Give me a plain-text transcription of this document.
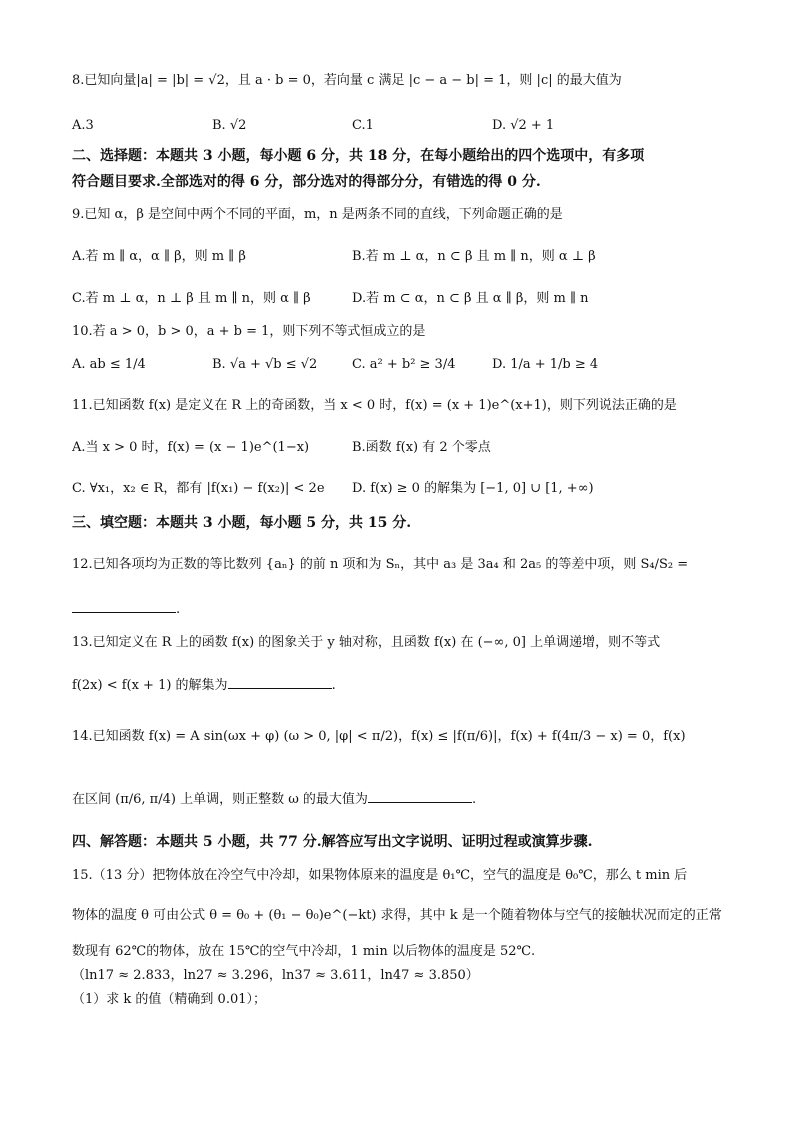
8.已知向量|a| = |b| = √2，且 a · b = 0，若向量 c 满足 |c − a − b| = 1，则 |c| 的最大值为
A.3	B. √2	C.1	D. √2 + 1
二、选择题：本题共 3 小题，每小题 6 分，共 18 分，在每小题给出的四个选项中，有多项
符合题目要求.全部选对的得 6 分，部分选对的得部分分，有错选的得 0 分.
9.已知 α，β 是空间中两个不同的平面，m，n 是两条不同的直线，下列命题正确的是
A.若 m ∥ α，α ∥ β，则 m ∥ β	B.若 m ⊥ α，n ⊂ β 且 m ∥ n，则 α ⊥ β
C.若 m ⊥ α，n ⊥ β 且 m ∥ n，则 α ∥ β	D.若 m ⊂ α，n ⊂ β 且 α ∥ β，则 m ∥ n
10.若 a > 0，b > 0，a + b = 1，则下列不等式恒成立的是
A. ab ≤ 1/4	B. √a + √b ≤ √2	C. a² + b² ≥ 3/4	D. 1/a + 1/b ≥ 4
11.已知函数 f(x) 是定义在 R 上的奇函数，当 x < 0 时，f(x) = (x + 1)e^(x+1)，则下列说法正确的是
A.当 x > 0 时，f(x) = (x − 1)e^(1−x)	B.函数 f(x) 有 2 个零点
C. ∀x₁，x₂ ∈ R，都有 |f(x₁) − f(x₂)| < 2e D. f(x) ≥ 0 的解集为 [−1, 0] ∪ [1, +∞)
三、填空题：本题共 3 小题，每小题 5 分，共 15 分.
12.已知各项均为正数的等比数列 {aₙ} 的前 n 项和为 Sₙ，其中 a₃ 是 3a₄ 和 2a₅ 的等差中项，则 S₄/S₂ =
.
13.已知定义在 R 上的函数 f(x) 的图象关于 y 轴对称，且函数 f(x) 在 (−∞, 0] 上单调递增，则不等式
f(2x) < f(x + 1) 的解集为	.
14.已知函数 f(x) = A sin(ωx + φ) (ω > 0, |φ| < π/2)，f(x) ≤ |f(π/6)|，f(x) + f(4π/3 − x) = 0，f(x)
在区间 (π/6, π/4) 上单调，则正整数 ω 的最大值为	.
四、解答题：本题共 5 小题，共 77 分.解答应写出文字说明、证明过程或演算步骤.
15.（13 分）把物体放在冷空气中冷却，如果物体原来的温度是 θ₁℃，空气的温度是 θ₀℃，那么 t min 后
物体的温度 θ 可由公式 θ = θ₀ + (θ₁ − θ₀)e^(−kt) 求得，其中 k 是一个随着物体与空气的接触状况而定的正常
数现有 62℃的物体，放在 15℃的空气中冷却，1 min 以后物体的温度是 52℃.
（ln17 ≈ 2.833，ln27 ≈ 3.296，ln37 ≈ 3.611，ln47 ≈ 3.850）
（1）求 k 的值（精确到 0.01）；
